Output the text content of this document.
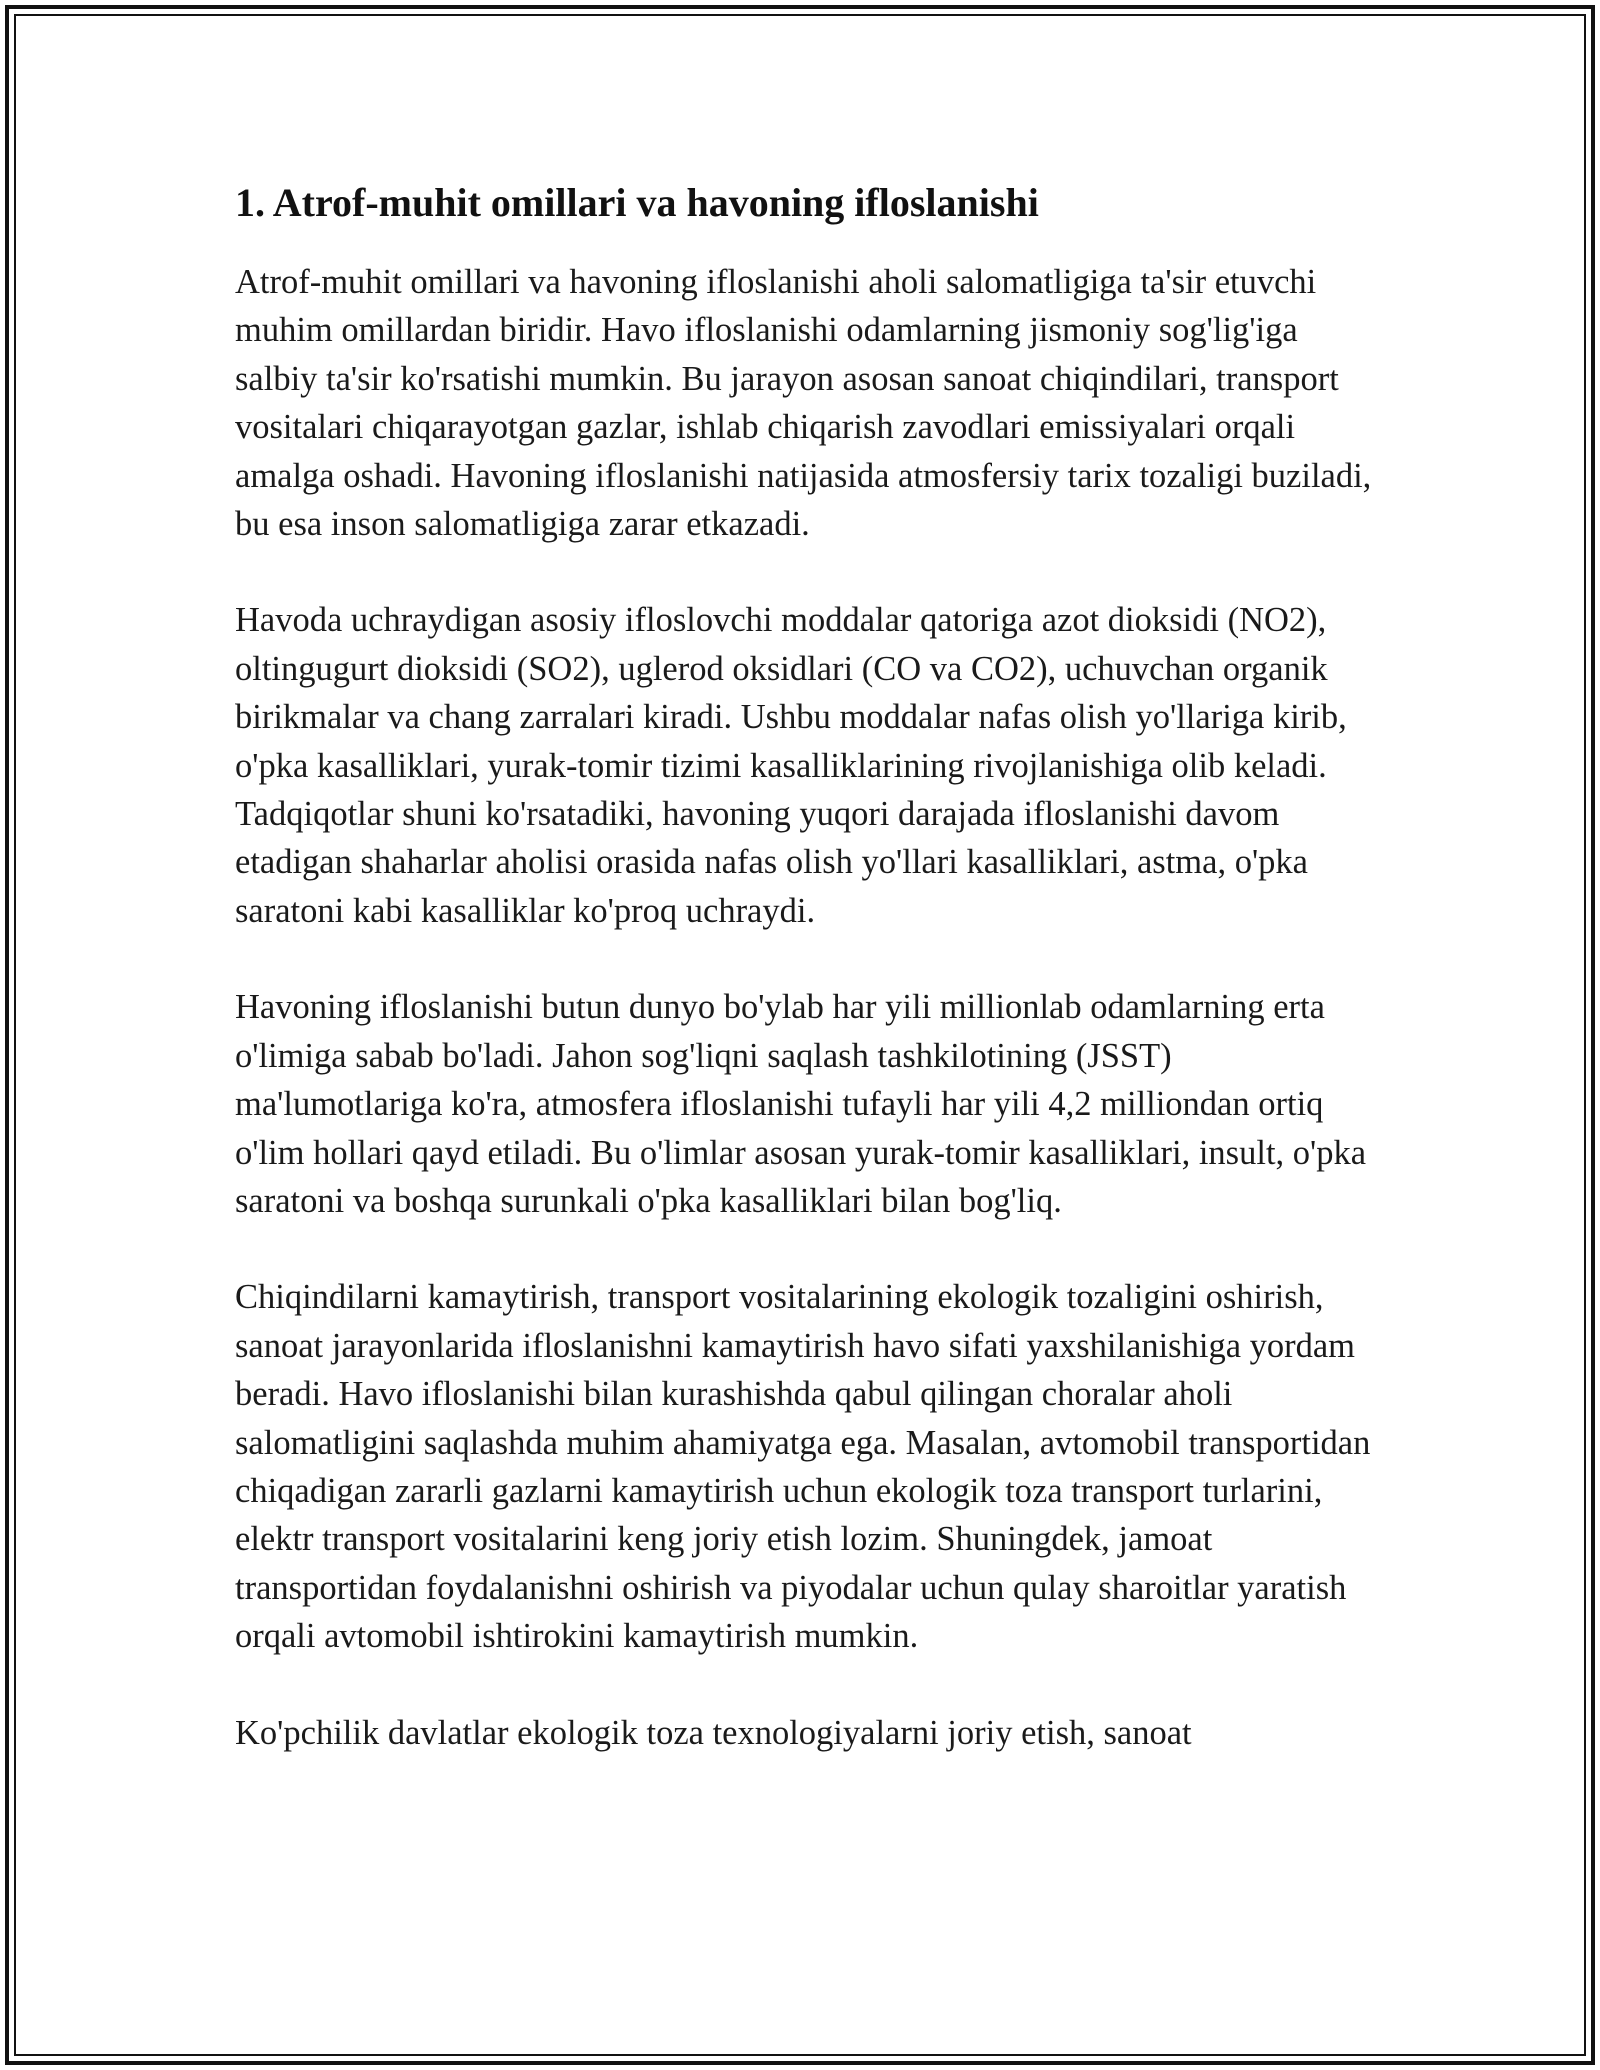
1. Atrof-muhit omillari va havoning ifloslanishi

Atrof-muhit omillari va havoning ifloslanishi aholi salomatligiga ta'sir etuvchi muhim omillardan biridir. Havo ifloslanishi odamlarning jismoniy sog'lig'iga salbiy ta'sir ko'rsatishi mumkin. Bu jarayon asosan sanoat chiqindilari, transport vositalari chiqarayotgan gazlar, ishlab chiqarish zavodlari emissiyalari orqali amalga oshadi. Havoning ifloslanishi natijasida atmosfersiy tarix tozaligi buziladi, bu esa inson salomatligiga zarar etkazadi.

Havoda uchraydigan asosiy ifloslovchi moddalar qatoriga azot dioksidi (NO2), oltingugurt dioksidi (SO2), uglerod oksidlari (CO va CO2), uchuvchan organik birikmalar va chang zarralari kiradi. Ushbu moddalar nafas olish yo'llariga kirib, o'pka kasalliklari, yurak-tomir tizimi kasalliklarining rivojlanishiga olib keladi. Tadqiqotlar shuni ko'rsatadiki, havoning yuqori darajada ifloslanishi davom etadigan shaharlar aholisi orasida nafas olish yo'llari kasalliklari, astma, o'pka saratoni kabi kasalliklar ko'proq uchraydi.

Havoning ifloslanishi butun dunyo bo'ylab har yili millionlab odamlarning erta o'limiga sabab bo'ladi. Jahon sog'liqni saqlash tashkilotining (JSST) ma'lumotlariga ko'ra, atmosfera ifloslanishi tufayli har yili 4,2 milliondan ortiq o'lim hollari qayd etiladi. Bu o'limlar asosan yurak-tomir kasalliklari, insult, o'pka saratoni va boshqa surunkali o'pka kasalliklari bilan bog'liq.

Chiqindilarni kamaytirish, transport vositalarining ekologik tozaligini oshirish, sanoat jarayonlarida ifloslanishni kamaytirish havo sifati yaxshilanishiga yordam beradi. Havo ifloslanishi bilan kurashishda qabul qilingan choralar aholi salomatligini saqlashda muhim ahamiyatga ega. Masalan, avtomobil transportidan chiqadigan zararli gazlarni kamaytirish uchun ekologik toza transport turlarini, elektr transport vositalarini keng joriy etish lozim. Shuningdek, jamoat transportidan foydalanishni oshirish va piyodalar uchun qulay sharoitlar yaratish orqali avtomobil ishtirokini kamaytirish mumkin.

Ko'pchilik davlatlar ekologik toza texnologiyalarni joriy etish, sanoat
